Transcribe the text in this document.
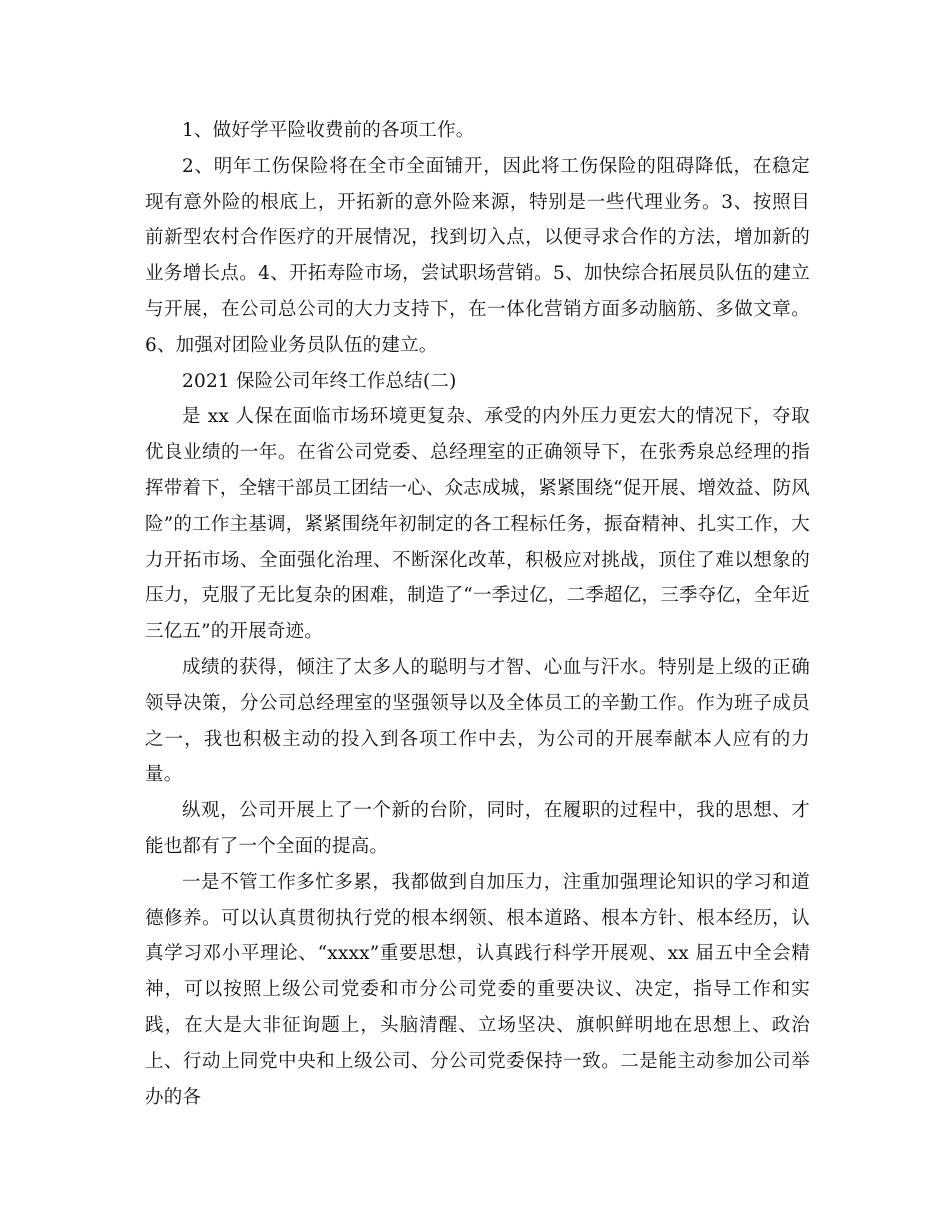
1、做好学平险收费前的各项工作。

2、明年工伤保险将在全市全面铺开，因此将工伤保险的阻碍降低，在稳定现有意外险的根底上，开拓新的意外险来源，特别是一些代理业务。3、按照目前新型农村合作医疗的开展情况，找到切入点，以便寻求合作的方法，增加新的业务增长点。4、开拓寿险市场，尝试职场营销。5、加快综合拓展员队伍的建立与开展，在公司总公司的大力支持下，在一体化营销方面多动脑筋、多做文章。6、加强对团险业务员队伍的建立。

2021 保险公司年终工作总结(二)

是 xx 人保在面临市场环境更复杂、承受的内外压力更宏大的情况下，夺取优良业绩的一年。在省公司党委、总经理室的正确领导下，在张秀泉总经理的指挥带着下，全辖干部员工团结一心、众志成城，紧紧围绕“促开展、增效益、防风险”的工作主基调，紧紧围绕年初制定的各工程标任务，振奋精神、扎实工作，大力开拓市场、全面强化治理、不断深化改革，积极应对挑战，顶住了难以想象的压力，克服了无比复杂的困难，制造了“一季过亿，二季超亿，三季夺亿，全年近三亿五”的开展奇迹。

成绩的获得，倾注了太多人的聪明与才智、心血与汗水。特别是上级的正确领导决策，分公司总经理室的坚强领导以及全体员工的辛勤工作。作为班子成员之一，我也积极主动的投入到各项工作中去，为公司的开展奉献本人应有的力量。

纵观，公司开展上了一个新的台阶，同时，在履职的过程中，我的思想、才能也都有了一个全面的提高。

一是不管工作多忙多累，我都做到自加压力，注重加强理论知识的学习和道德修养。可以认真贯彻执行党的根本纲领、根本道路、根本方针、根本经历，认真学习邓小平理论、“xxxx”重要思想，认真践行科学开展观、xx 届五中全会精神，可以按照上级公司党委和市分公司党委的重要决议、决定，指导工作和实践，在大是大非征询题上，头脑清醒、立场坚决、旗帜鲜明地在思想上、政治上、行动上同党中央和上级公司、分公司党委保持一致。二是能主动参加公司举办的各
